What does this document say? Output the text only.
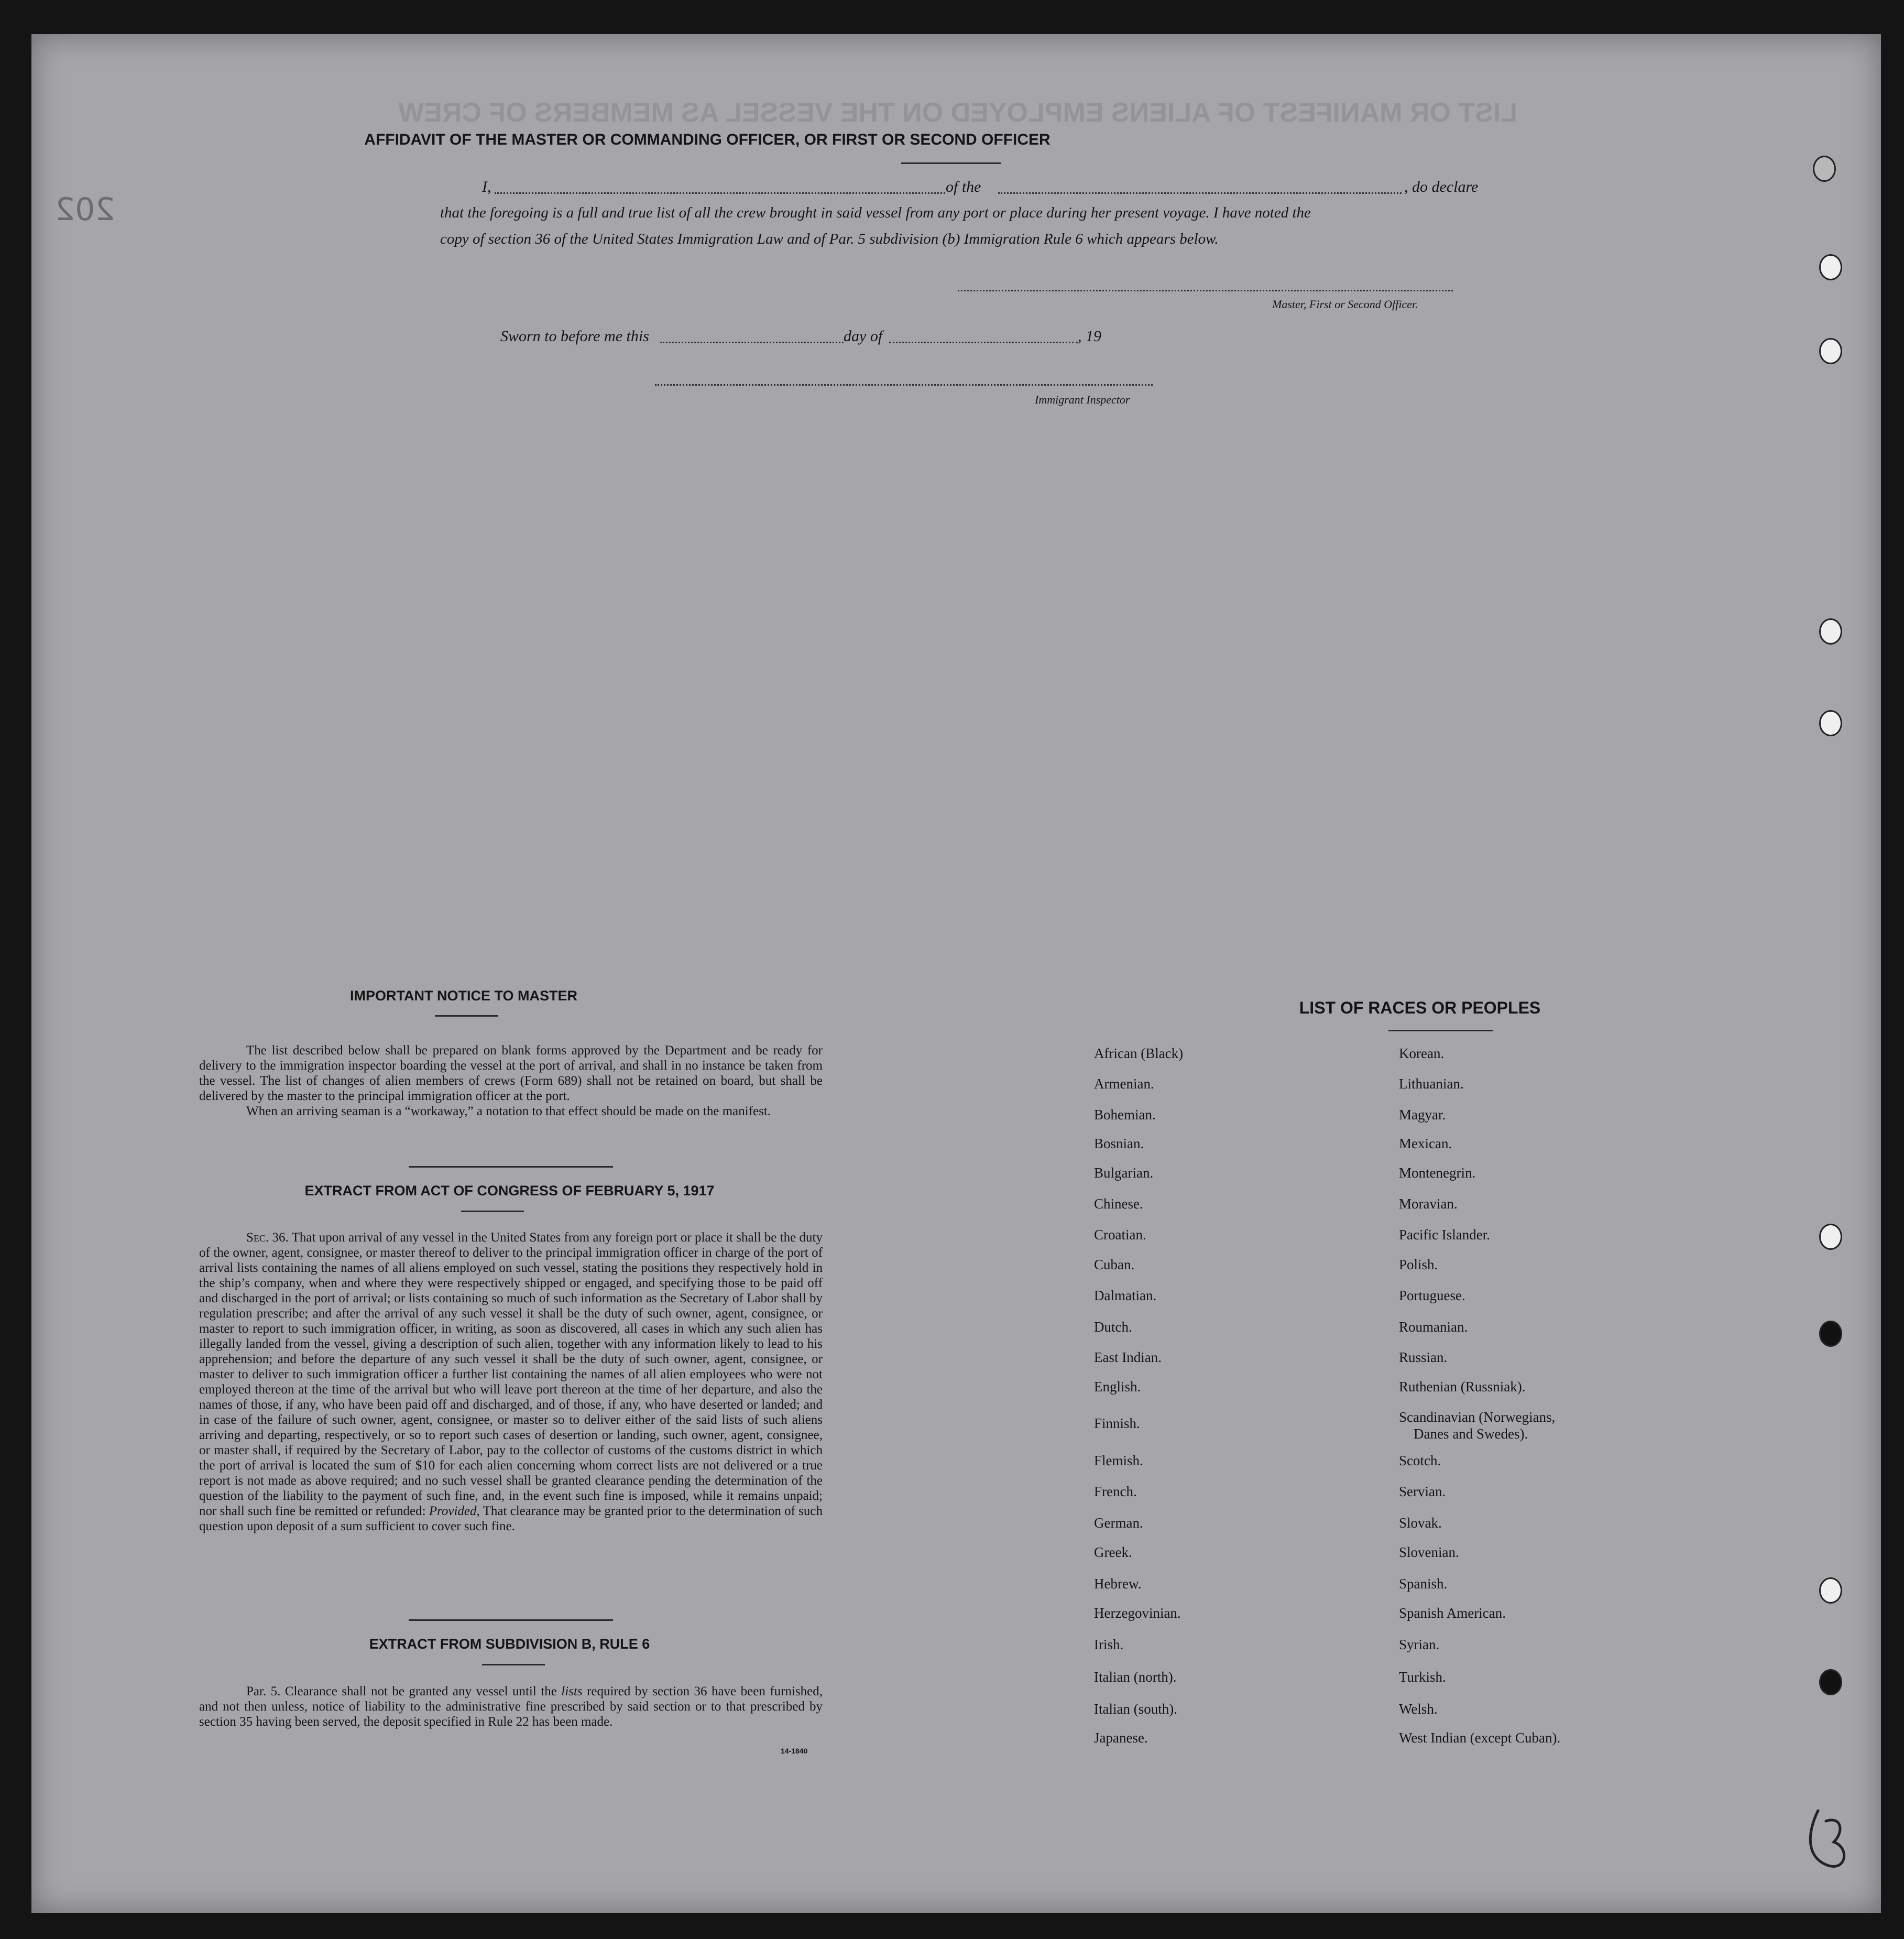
LIST OR MANIFEST OF ALIENS EMPLOYED ON THE VESSEL AS MEMBERS OF CREW
202
AFFIDAVIT OF THE MASTER OR COMMANDING OFFICER, OR FIRST OR SECOND OFFICER
I,	of the	, do declare
that the foregoing is a full and true list of all the crew brought in said vessel from any port or place during her present voyage. I have noted the
copy of section 36 of the United States Immigration Law and of Par. 5 subdivision (b) Immigration Rule 6 which appears below.
Master, First or Second Officer.
Sworn to before me this	day of	, 19
Immigrant Inspector
IMPORTANT NOTICE TO MASTER

The list described below shall be prepared on blank forms approved by the Department and be ready for delivery to the immigration inspector boarding the vessel at the port of arrival, and shall in no instance be taken from the vessel. The list of changes of alien members of crews (Form 689) shall not be retained on board, but shall be delivered by the master to the principal immigration officer at the port.

When an arriving seaman is a “workaway,” a notation to that effect should be made on the manifest.

EXTRACT FROM ACT OF CONGRESS OF FEBRUARY 5, 1917

Sec. 36. That upon arrival of any vessel in the United States from any foreign port or place it shall be the duty of the owner, agent, consignee, or master thereof to deliver to the principal immigration officer in charge of the port of arrival lists containing the names of all aliens employed on such vessel, stating the positions they respectively hold in the ship’s company, when and where they were respectively shipped or engaged, and specifying those to be paid off and discharged in the port of arrival; or lists containing so much of such information as the Secretary of Labor shall by regulation prescribe; and after the arrival of any such vessel it shall be the duty of such owner, agent, consignee, or master to report to such immigration officer, in writing, as soon as discovered, all cases in which any such alien has illegally landed from the vessel, giving a description of such alien, together with any information likely to lead to his apprehension; and before the departure of any such vessel it shall be the duty of such owner, agent, consignee, or master to deliver to such immigration officer a further list containing the names of all alien employees who were not employed thereon at the time of the arrival but who will leave port thereon at the time of her departure, and also the names of those, if any, who have been paid off and discharged, and of those, if any, who have deserted or landed; and in case of the failure of such owner, agent, consignee, or master so to deliver either of the said lists of such aliens arriving and departing, respectively, or so to report such cases of desertion or landing, such owner, agent, consignee, or master shall, if required by the Secretary of Labor, pay to the collector of customs of the customs district in which the port of arrival is located the sum of $10 for each alien concerning whom correct lists are not delivered or a true report is not made as above required; and no such vessel shall be granted clearance pending the determination of the question of the liability to the payment of such fine, and, in the event such fine is imposed, while it remains unpaid; nor shall such fine be remitted or refunded: Provided, That clearance may be granted prior to the determination of such question upon deposit of a sum sufficient to cover such fine.

EXTRACT FROM SUBDIVISION B, RULE 6

Par. 5. Clearance shall not be granted any vessel until the lists required by section 36 have been furnished, and not then unless, notice of liability to the administrative fine prescribed by said section or to that prescribed by section 35 having been served, the deposit specified in Rule 22 has been made.

14-1840
LIST OF RACES OR PEOPLES
African (Black)
Armenian.
Bohemian.
Bosnian.
Bulgarian.
Chinese.
Croatian.
Cuban.
Dalmatian.
Dutch.
East Indian.
English.
Finnish.
Flemish.
French.
German.
Greek.
Hebrew.
Herzegovinian.
Irish.
Italian (north).
Italian (south).
Japanese.
Korean.
Lithuanian.
Magyar.
Mexican.
Montenegrin.
Moravian.
Pacific Islander.
Polish.
Portuguese.
Roumanian.
Russian.
Ruthenian (Russniak).
Scandinavian (Norwegians,
Scotch.
Servian.
Slovak.
Slovenian.
Spanish.
Spanish American.
Syrian.
Turkish.
Welsh.
West Indian (except Cuban).
Danes and Swedes).
